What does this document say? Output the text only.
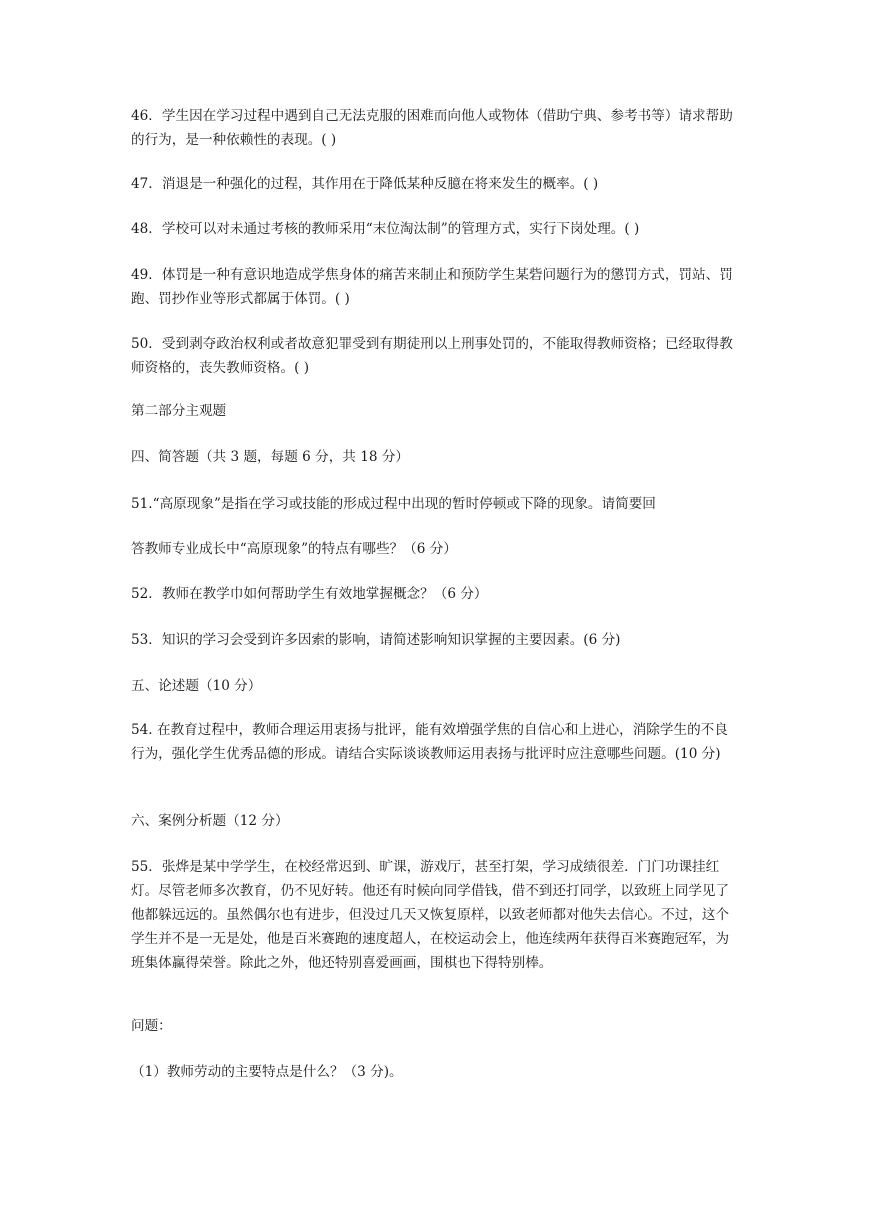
46．学生因在学习过程中遇到自己无法克服的困难而向他人或物体（借助宁典、参考书等）请求帮助的行为，是一种依赖性的表现。( )

47．消退是一种强化的过程，其作用在于降低某种反臆在将来发生的概率。( )

48．学校可以对未通过考核的教师采用“末位淘汰制”的管理方式，实行下岗处理。( )

49．体罚是一种有意识地造成学焦身体的痛苦来制止和预防学生某砦问题行为的懲罚方式，罚站、罚跑、罚抄作业等形式都属于体罚。( )

50．受到剥夺政治权利或者故意犯罪受到有期徒刑以上刑事处罚的，不能取得教师资格；已经取得教师资格的，丧失教师资格。( )

第二部分主观题

四、简答题（共 3 题，每题 6 分，共 18 分）

51.“高原现象”是指在学习或技能的形成过程中出现的暂时停顿或下降的现象。请简要回

答教师专业成长中“高原现象”的特点有哪些？（6 分）

52．教师在教学巾如何帮助学生有效地掌握概念？（6 分）

53．知识的学习会受到许多因索的影响，请简述影响知识掌握的主要因素。(6 分)

五、论述题（10 分）

54. 在教育过程中，教师合理运用衷扬与批评，能有效増强学焦的自信心和上进心，消除学生的不良行为，强化学生优秀品德的形成。请结合实际谈谈教师运用表扬与批评时应注意哪些问题。(10 分)

六、案例分析题（12 分）

55．张烨是某中学学生，在校经常迟到、旷课，游戏厅，甚至打架，学习成绩很差．门门功课挂红灯。尽管老师多次教育，仍不见好转。他还有时候向同学借钱，借不到还打同学，以致班上同学见了他都躲远远的。虽然偶尔也有进步，但没过几天又恢复原样，以致老师都对他失去信心。不过，这个学生并不是一无是处，他是百米赛跑的速度超人，在校运动会上，他连续两年获得百米赛跑冠军，为班集体赢得荣誉。除此之外，他还特别喜爱画画，围棋也下得特别棒。

问题：

（1）教师劳动的主要特点是什么？（3 分)。
